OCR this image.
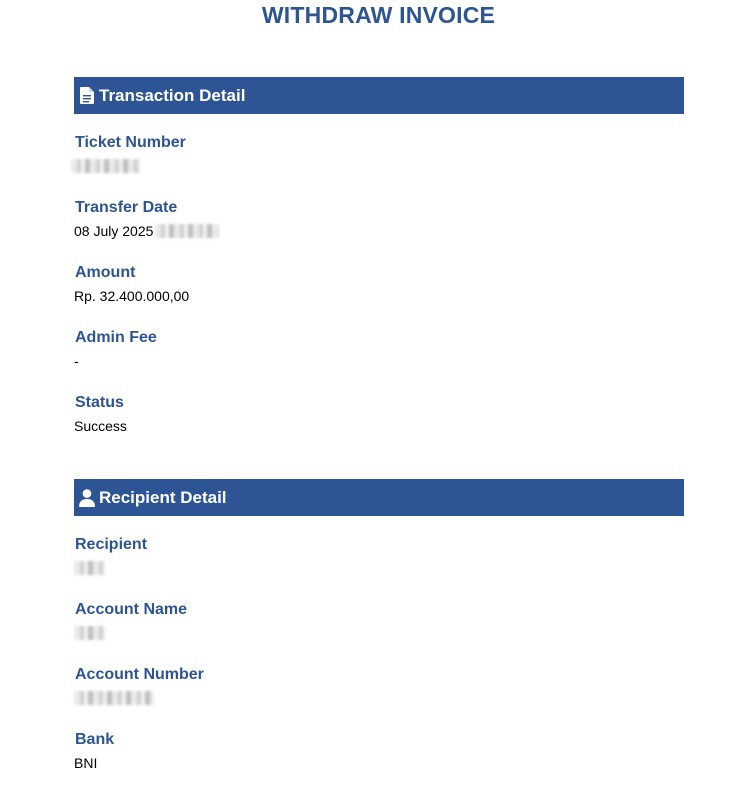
WITHDRAW INVOICE
Transaction Detail
Ticket Number
Transfer Date
08 July 2025
Amount
Rp. 32.400.000,00
Admin Fee
-
Status
Success
Recipient Detail
Recipient
Account Name
Account Number
Bank
BNI
